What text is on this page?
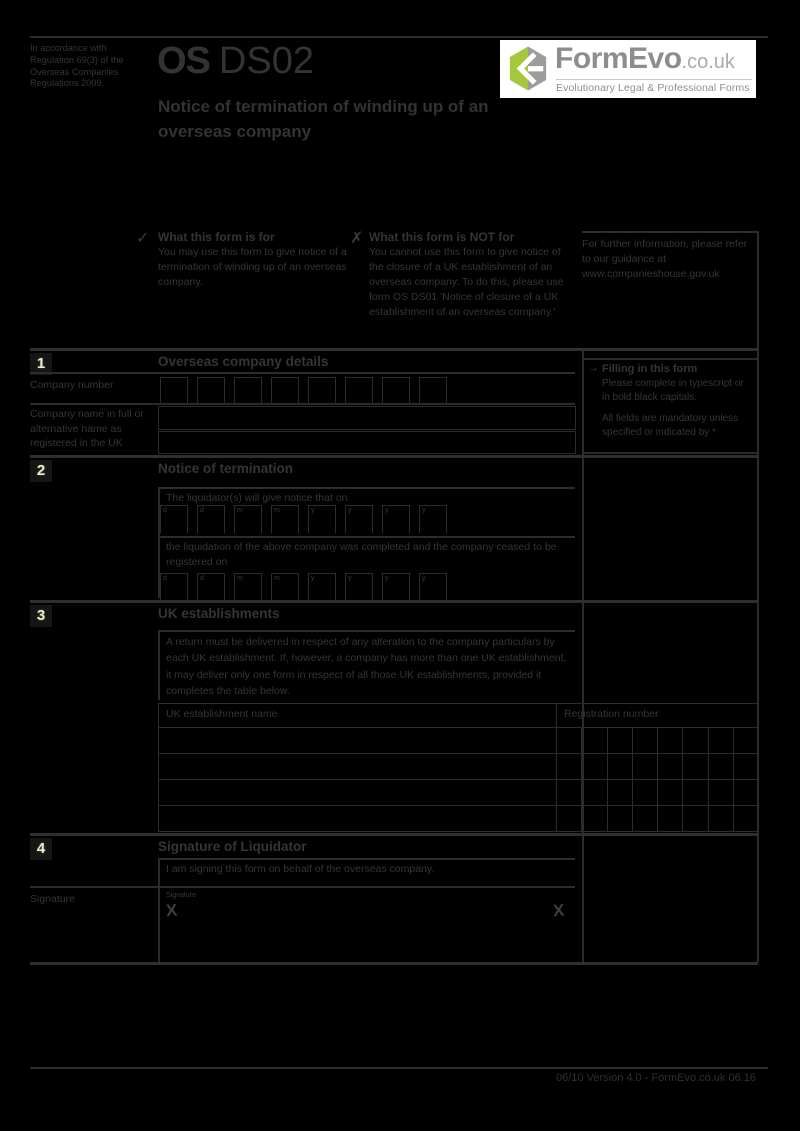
In accordance with
Regulation 69(3) of the
Overseas Companies
Regulations 2009.
OS DS02
Notice of termination of winding up of an overseas company
FormEvo.co.uk
Evolutionary Legal & Professional Forms
✓ What this form is for
You may use this form to give notice of a termination of winding up of an overseas company.
✗ What this form is NOT for
You cannot use this form to give notice of the closure of a UK establishment of an overseas company. To do this, please use form OS DS01 'Notice of closure of a UK establishment of an overseas company.'
For further information, please refer to our guidance at www.companieshouse.gov.uk
1	Overseas company details
Company number
Company name in full or alternative name as registered in the UK
→ Filling in this form
Please complete in typescript or in bold black capitals.
All fields are mandatory unless specified or indicated by *
2	Notice of termination
The liquidator(s) will give notice that on
d	d	m	m	y	y	y	y
the liquidation of the above company was completed and the company ceased to be registered on
d	d	m	m	y	y	y	y
3	UK establishments
A return must be delivered in respect of any alteration to the company particulars by each UK establishment. If, however, a company has more than one UK establishment, it may deliver only one form in respect of all those UK establishments, provided it completes the table below.
UK establishment name	Registration number
4	Signature of Liquidator
I am signing this form on behalf of the overseas company.
Signature	Signature
X	X
06/10 Version 4.0 - FormEvo.co.uk 06.16
